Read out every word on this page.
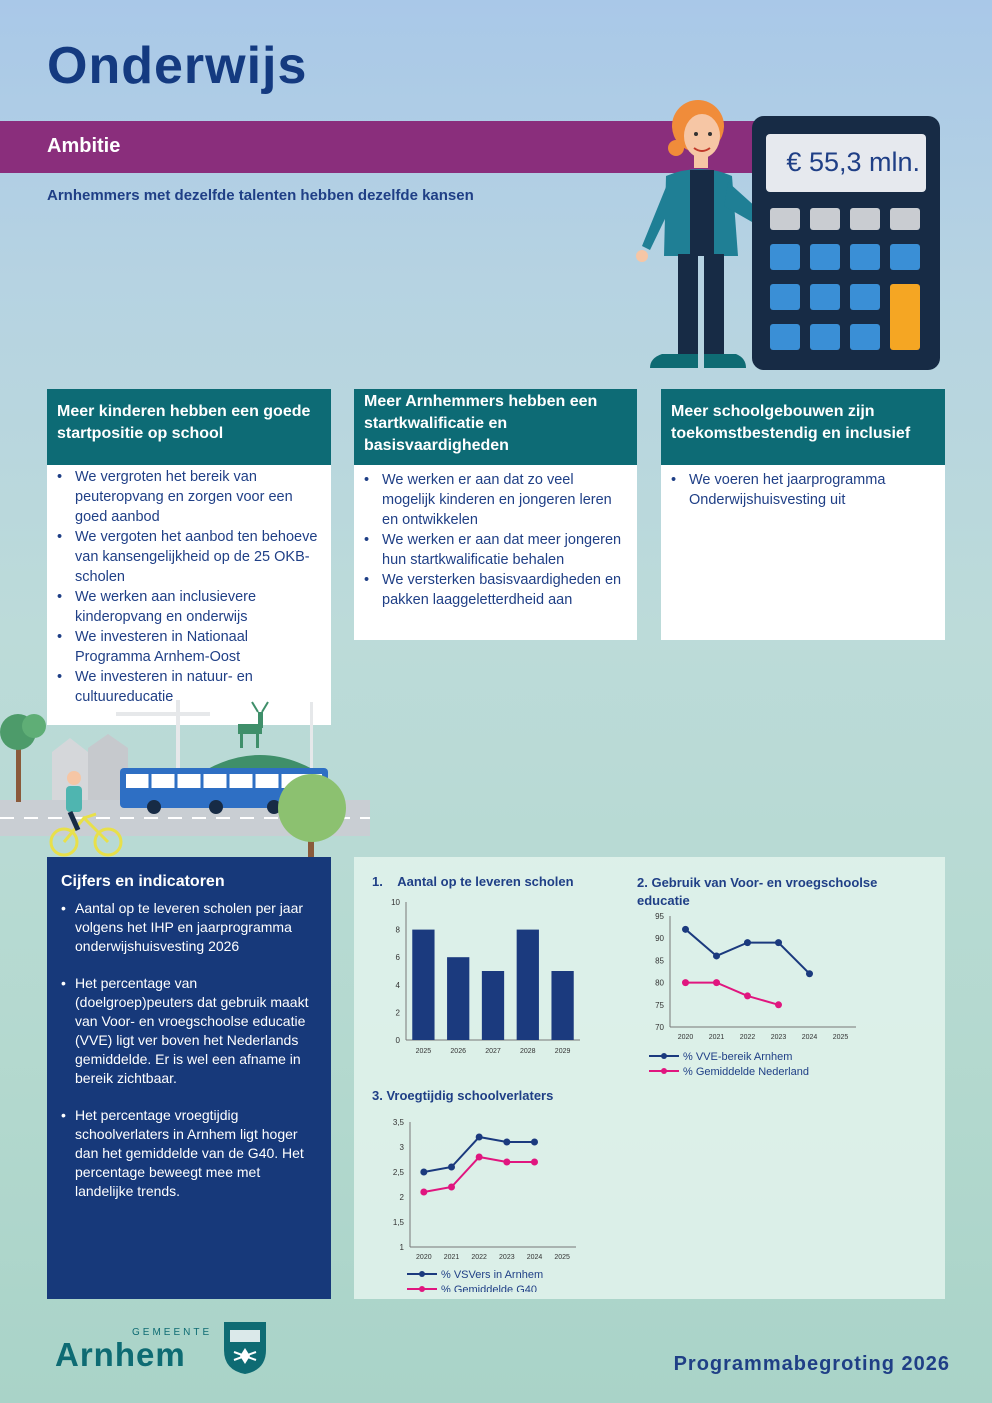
Onderwijs
Ambitie
Arnhemmers met dezelfde talenten hebben dezelfde kansen
€ 55,3 mln.
Meer kinderen hebben een goede startpositie op school
• We vergroten het bereik van peuteropvang en zorgen voor een goed aanbod
• We vergoten het aanbod ten behoeve van kansengelijkheid op de 25 OKB-scholen
• We werken aan inclusievere kinderopvang en onderwijs
• We investeren in Nationaal Programma Arnhem-Oost
• We investeren in natuur- en cultuureducatie
Meer Arnhemmers hebben een startkwalificatie en basisvaardigheden
• We werken er aan dat zo veel mogelijk kinderen en jongeren leren en ontwikkelen
• We werken er aan dat meer jongeren hun startkwalificatie behalen
• We versterken basisvaardigheden en pakken laaggeletterdheid aan
Meer schoolgebouwen zijn toekomstbestendig en inclusief
• We voeren het jaarprogramma Onderwijshuisvesting uit
Cijfers en indicatoren
• Aantal op te leveren scholen per jaar volgens het IHP en jaarprogramma onderwijshuisvesting 2026
• Het percentage van (doelgroep)peuters dat gebruik maakt van Voor- en vroegschoolse educatie (VVE) ligt ver boven het Nederlands gemiddelde. Er is wel een afname in bereik zichtbaar.
• Het percentage vroegtijdig schoolverlaters in Arnhem ligt hoger dan het gemiddelde van de G40. Het percentage beweegt mee met landelijke trends.
1.    Aantal op te leveren scholen	2. Gebruik van Voor- en vroegschoolse educatie
3. Vroegtijdig schoolverlaters
0
2
4
6
8
10
2025	2026	2027	2028	2029
70
75
80
85
90
95
2020 2021 2022 2023 2024 2025
% VVE-bereik Arnhem
% Gemiddelde Nederland
1
1,5
2
2,5
3
3,5
2020 2021 2022 2023 2024 2025
% VSVers in Arnhem
% Gemiddelde G40
GEMEENTE
Arnhem	Programmabegroting 2026
